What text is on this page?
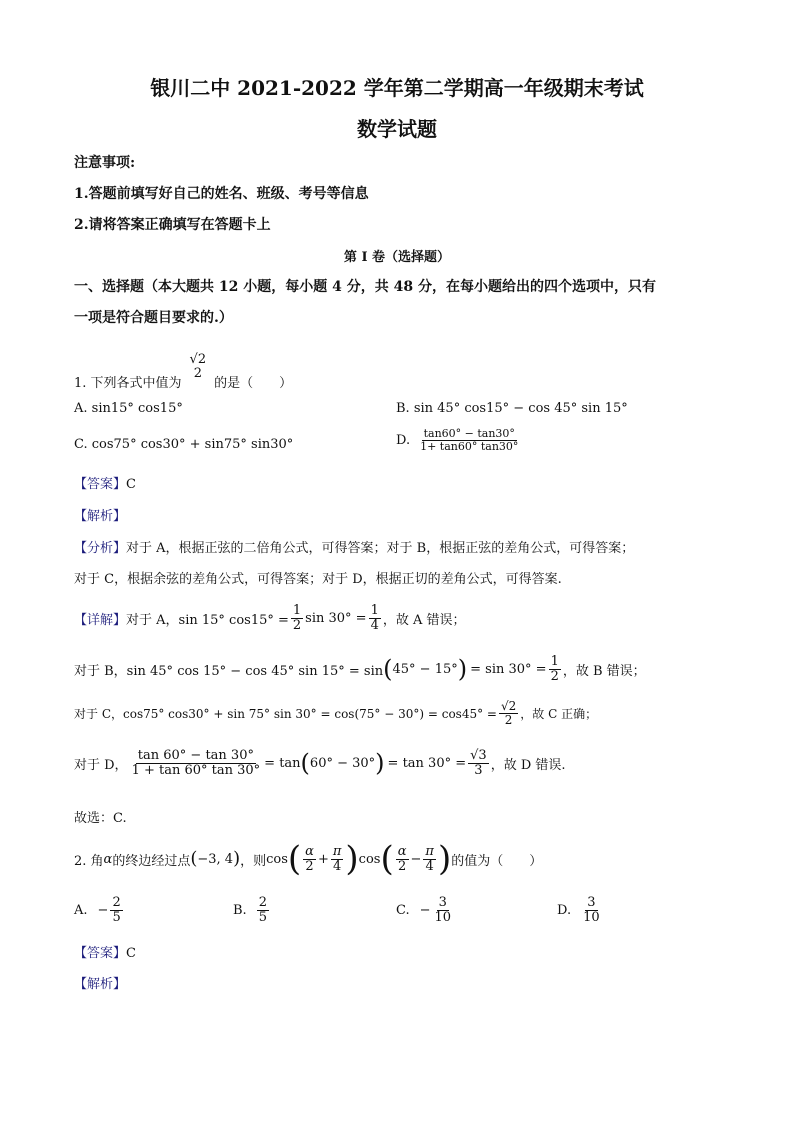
银川二中 2021-2022 学年第二学期高一年级期末考试
数学试题
注意事项:
1.答题前填写好自己的姓名、班级、考号等信息
2.请将答案正确填写在答题卡上
第 I 卷（选择题）
一、选择题（本大题共 12 小题，每小题 4 分，共 48 分，在每小题给出的四个选项中，只有
一项是符合题目要求的.）
1. 下列各式中值为
√2
2
的是（　　）
A. sin15° cos15°	B. sin 45° cos15° − cos 45° sin 15°
C. cos75° cos30° + sin75° sin30°	D. $\frac{\tan 60^\circ - \tan 30^\circ}{1+ \tan 60^\circ \tan 30^\circ}$
【答案】C
【解析】
【分析】对于 A，根据正弦的二倍角公式，可得答案；对于 B，根据正弦的差角公式，可得答案；
对于 C，根据余弦的差角公式，可得答案；对于 D，根据正切的差角公式，可得答案.
【详解】 对于 A，sin 15° $\cos 15^\circ = \frac{1}{2}$ $\sin 30^\circ = \frac{1}{4}$ ，故 A 错误；
对于 B，sin 45° cos 15° − cos 45° sin 15° = sin ( 45° − 15° ) = $\sin 30^\circ = \frac{1}{2}$ ，故 B 错误；
对于 C，cos75° cos30° + sin 75° $\sin 30^\circ = \cos(75^\circ - 30^\circ) = \cos 45^\circ = \frac{√2}{2}$ ，故 C 正确；
对于 D， $\frac{\tan 60^\circ - \tan 30^\circ}{1 + \tan 60^\circ \tan 30^\circ} = \tan$ ( 60° − 30° ) = $\tan 30^\circ = \frac{√3}{3}$ ，故 D 错误.
故选：C.
2. 角 α 的终边经过点 ( −3, 4 ) ，则 cos ( $\frac{\alpha}{2} + \frac{\pi}{4}$ ) cos ( $\frac{\alpha}{2} - \frac{\pi}{4}$ ) 的值为（　　）
A. − $\frac{2}{5}$	B. $\frac{2}{5}$	C. − $\frac{3}{10}$	D. $\frac{3}{10}$
【答案】C
【解析】
